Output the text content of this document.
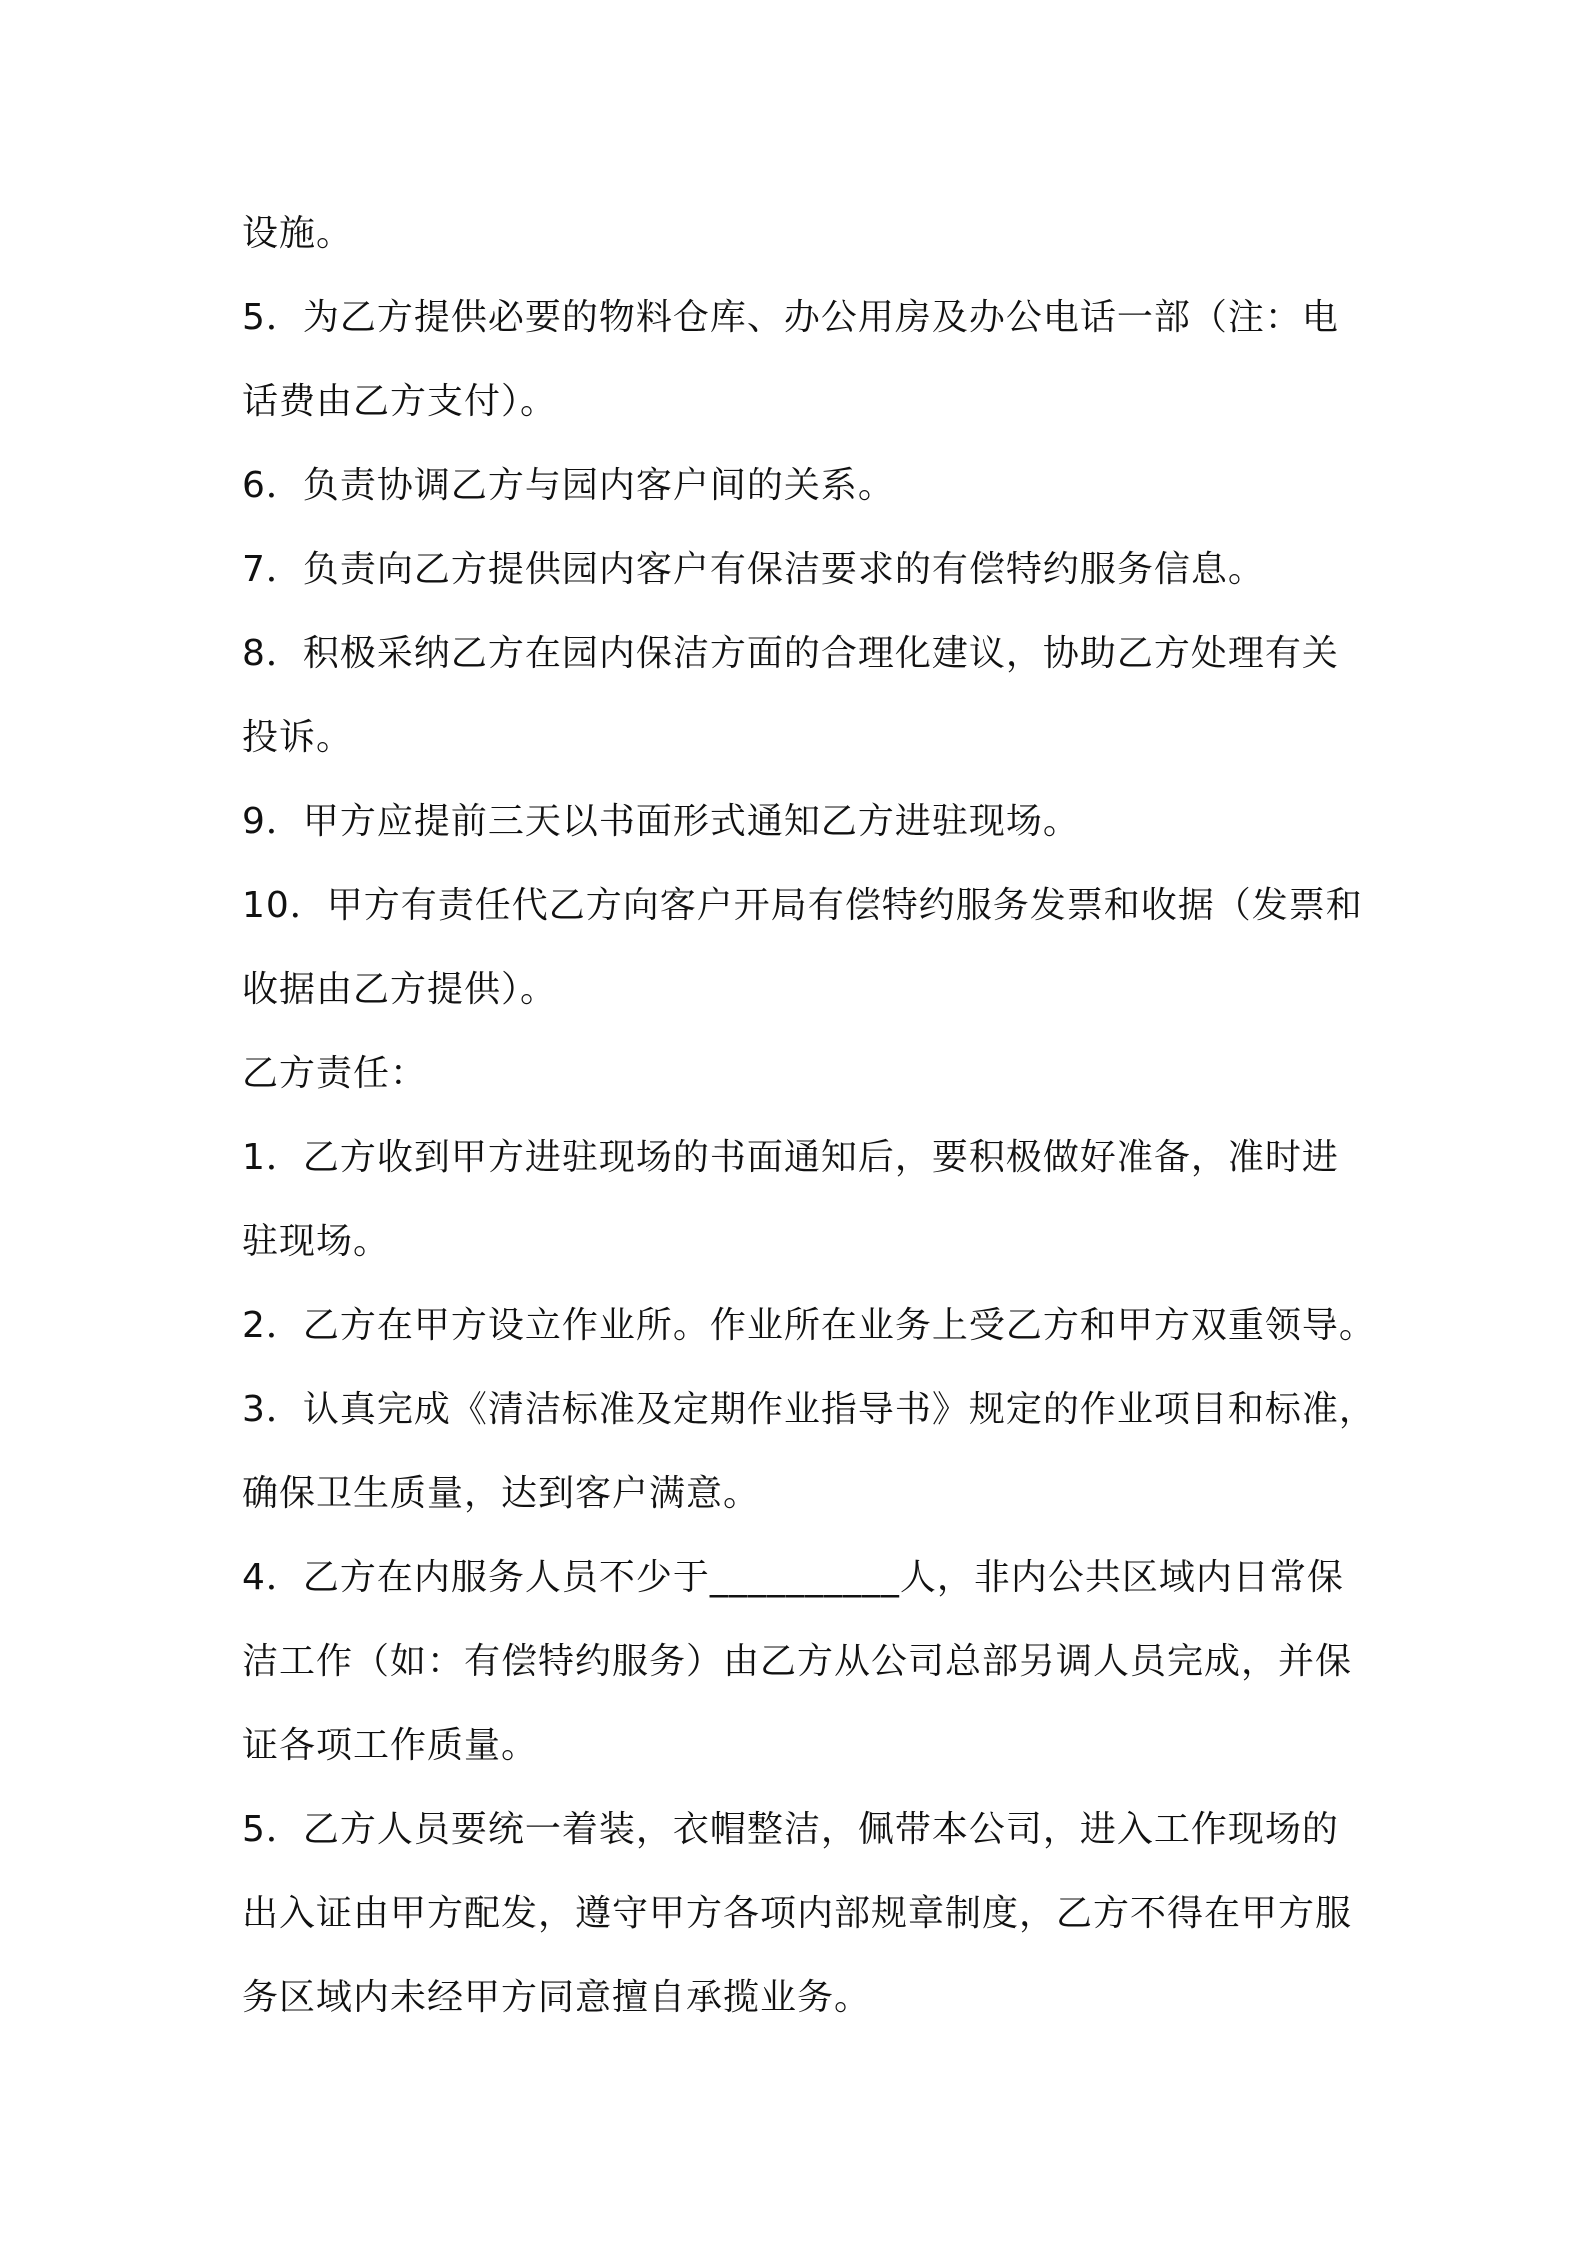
设施。
5．为乙方提供必要的物料仓库、办公用房及办公电话一部（注：电
话费由乙方支付）。
6．负责协调乙方与园内客户间的关系。
7．负责向乙方提供园内客户有保洁要求的有偿特约服务信息。
8．积极采纳乙方在园内保洁方面的合理化建议，协助乙方处理有关
投诉。
9．甲方应提前三天以书面形式通知乙方进驻现场。
10．甲方有责任代乙方向客户开局有偿特约服务发票和收据（发票和
收据由乙方提供）。
乙方责任：
1．乙方收到甲方进驻现场的书面通知后，要积极做好准备，准时进
驻现场。
2．乙方在甲方设立作业所。作业所在业务上受乙方和甲方双重领导。
3．认真完成《清洁标准及定期作业指导书》规定的作业项目和标准，
确保卫生质量，达到客户满意。
4．乙方在内服务人员不少于__________人，非内公共区域内日常保
洁工作（如：有偿特约服务）由乙方从公司总部另调人员完成，并保
证各项工作质量。
5．乙方人员要统一着装，衣帽整洁，佩带本公司，进入工作现场的
出入证由甲方配发，遵守甲方各项内部规章制度，乙方不得在甲方服
务区域内未经甲方同意擅自承揽业务。
